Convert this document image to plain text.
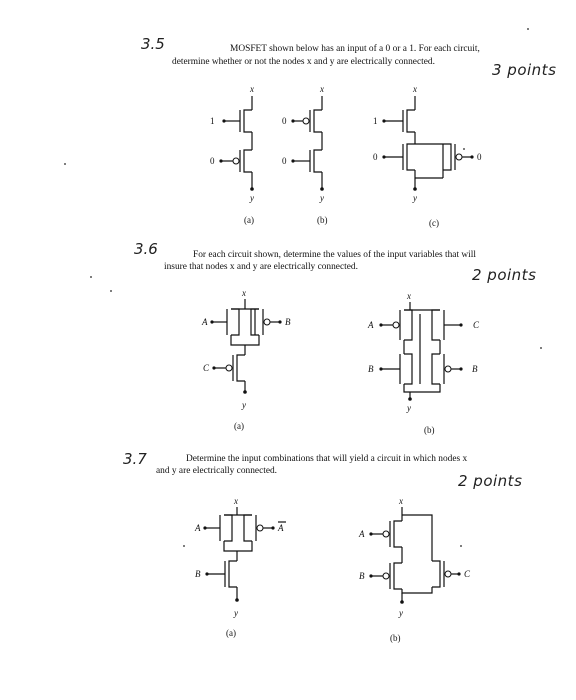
3.5	MOSFET shown below has an input of a 0 or a 1. For each circuit,
determine whether or not the nodes x and y are electrically connected.	3 points
x
1
0
y
(a)
x
0
0
y
(b)
x
1
0	0
y
(c)
3.6	For each circuit shown, determine the values of the input variables that will
insure that nodes x and y are electrically connected.	2 points
x
A	B
C
y
(a)
x
A	C
B	B
y
(b)
3.7	Determine the input combinations that will yield a circuit in which nodes x
and y are electrically connected.
2 points
x
A	A
B
y
(a)
x
A
B	C
y
(b)
